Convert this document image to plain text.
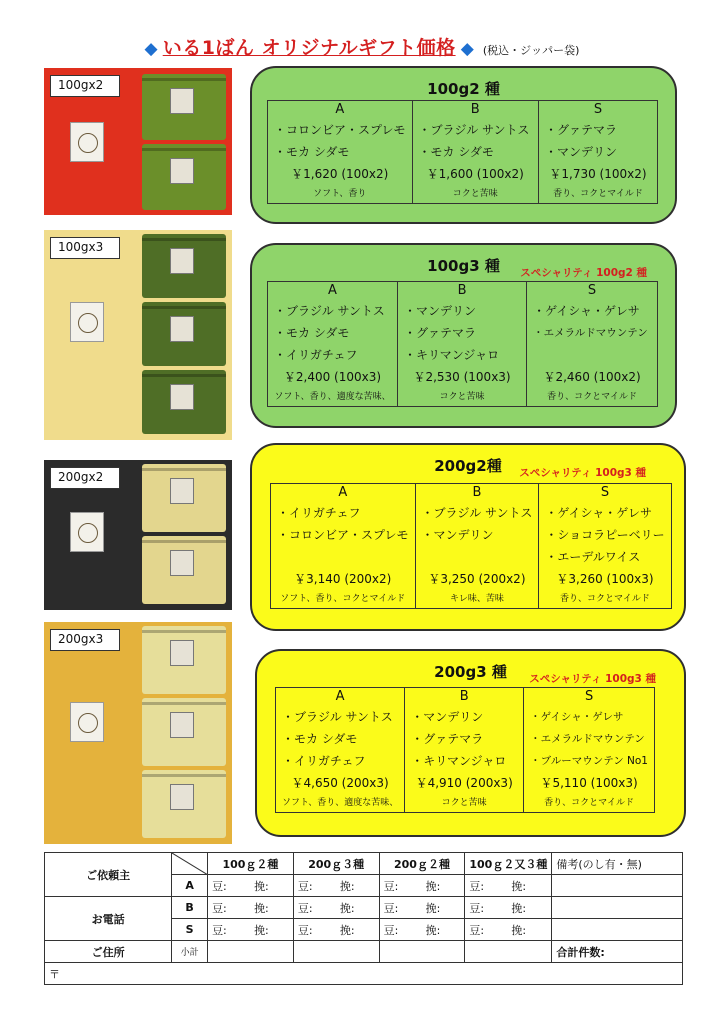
◆ いる1ばん オリジナルギフト価格 ◆ (税込・ジッパー袋)
100gx2
100gx3
200gx2
200gx3
100g2 種
A
・コロンビア・スプレモ
・モカ シダモ
￥1,620 (100x2)
ソフト、香り

B
・ブラジル サントス
・モカ シダモ
￥1,600 (100x2)
コクと苦味

S
・グァテマラ
・マンデリン
￥1,730 (100x2)
香り、コクとマイルド
100g3 種	スペシャリティ 100g2 種
A
・ブラジル サントス
・モカ シダモ
・イリガチェフ
￥2,400 (100x3)
ソフト、香り、適度な苦味、

B
・マンデリン
・グァテマラ
・キリマンジャロ
￥2,530 (100x3)
コクと苦味

S
・ゲイシャ・ゲレサ
・エメラルドマウンテン
￥2,460 (100x2)
香り、コクとマイルド
200g2種	スペシャリティ 100g3 種
A
・イリガチェフ
・コロンビア・スプレモ
￥3,140 (200x2)
ソフト、香り、コクとマイルド

B
・ブラジル サントス
・マンデリン
￥3,250 (200x2)
キレ味、苦味

S
・ゲイシャ・ゲレサ
・ショコラピーベリー
・エーデルワイス
￥3,260 (100x3)
香り、コクとマイルド
200g3 種	スペシャリティ 100g3 種
A
・ブラジル サントス
・モカ シダモ
・イリガチェフ
￥4,650 (200x3)
ソフト、香り、適度な苦味、

B
・マンデリン
・グァテマラ
・キリマンジャロ
￥4,910 (200x3)
コクと苦味

S
・ゲイシャ・ゲレサ
・エメラルドマウンテン
・ブルーマウンテン No1
￥5,110 (100x3)
香り、コクとマイルド
ご依頼主		100ｇ２種	200ｇ３種	200ｇ２種	100ｇ２又３種	備考(のし有・無)
	A	豆: 挽:	豆: 挽:	豆: 挽:	豆: 挽:	
お電話	B	豆: 挽:	豆: 挽:	豆: 挽:	豆: 挽:	
	S	豆: 挽:	豆: 挽:	豆: 挽:	豆: 挽:	
ご住所	小計					合計件数:
〒						
